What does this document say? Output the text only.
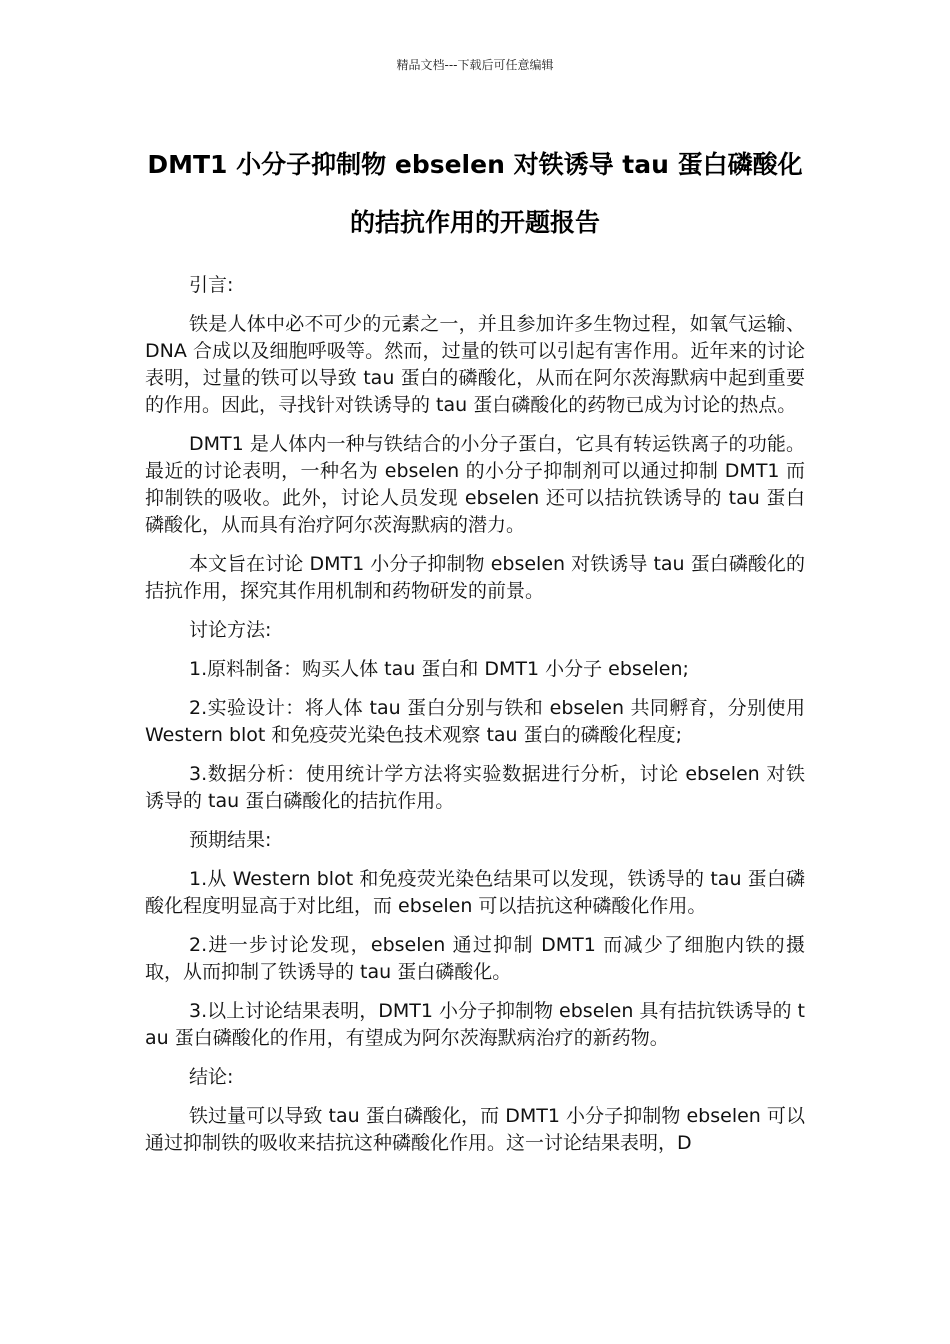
精品文档---下载后可任意编辑
DMT1 小分子抑制物 ebselen 对铁诱导 tau 蛋白磷酸化的拮抗作用的开题报告

引言:

铁是人体中必不可少的元素之一，并且参加许多生物过程，如氧气运输、DNA 合成以及细胞呼吸等。然而，过量的铁可以引起有害作用。近年来的讨论表明，过量的铁可以导致 tau 蛋白的磷酸化，从而在阿尔茨海默病中起到重要的作用。因此，寻找针对铁诱导的 tau 蛋白磷酸化的药物已成为讨论的热点。

DMT1 是人体内一种与铁结合的小分子蛋白，它具有转运铁离子的功能。最近的讨论表明，一种名为 ebselen 的小分子抑制剂可以通过抑制 DMT1 而抑制铁的吸收。此外，讨论人员发现 ebselen 还可以拮抗铁诱导的 tau 蛋白磷酸化，从而具有治疗阿尔茨海默病的潜力。

本文旨在讨论 DMT1 小分子抑制物 ebselen 对铁诱导 tau 蛋白磷酸化的拮抗作用，探究其作用机制和药物研发的前景。

讨论方法:

1.原料制备：购买人体 tau 蛋白和 DMT1 小分子 ebselen;

2.实验设计：将人体 tau 蛋白分别与铁和 ebselen 共同孵育，分别使用 Western blot 和免疫荧光染色技术观察 tau 蛋白的磷酸化程度;

3.数据分析：使用统计学方法将实验数据进行分析，讨论 ebselen 对铁诱导的 tau 蛋白磷酸化的拮抗作用。

预期结果:

1.从 Western blot 和免疫荧光染色结果可以发现，铁诱导的 tau 蛋白磷酸化程度明显高于对比组，而 ebselen 可以拮抗这种磷酸化作用。

2.进一步讨论发现，ebselen 通过抑制 DMT1 而减少了细胞内铁的摄取，从而抑制了铁诱导的 tau 蛋白磷酸化。

3.以上讨论结果表明，DMT1 小分子抑制物 ebselen 具有拮抗铁诱导的 tau 蛋白磷酸化的作用，有望成为阿尔茨海默病治疗的新药物。

结论:

铁过量可以导致 tau 蛋白磷酸化，而 DMT1 小分子抑制物 ebselen 可以通过抑制铁的吸收来拮抗这种磷酸化作用。这一讨论结果表明，D
